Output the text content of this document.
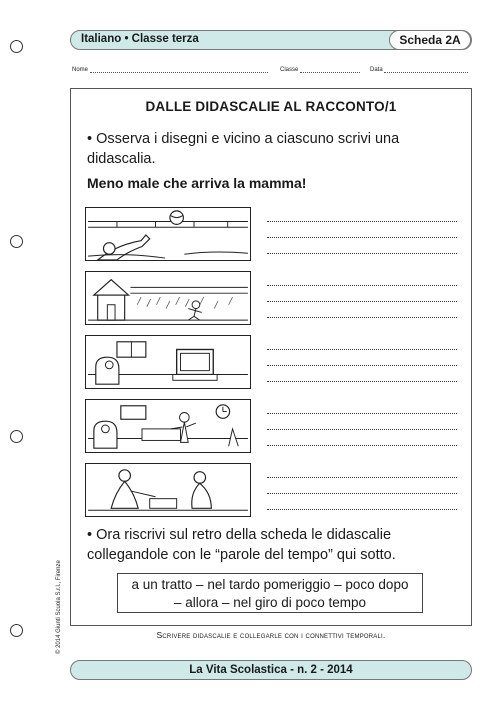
Italiano • Classe terza	Scheda 2A
Nome	Classe	Data
DALLE DIDASCALIE AL RACCONTO/1
• Osserva i disegni e vicino a ciascuno scrivi una didascalia.
Meno male che arriva la mamma!
• Ora riscrivi sul retro della scheda le didascalie collegandole con le “parole del tempo” qui sotto.
a un tratto – nel tardo pomeriggio – poco dopo
– allora – nel giro di poco tempo
Scrivere didascalie e collegarle con i connettivi temporali.
© 2014 Giunti Scuola S.r.l., Firenze
La Vita Scolastica - n. 2 - 2014
